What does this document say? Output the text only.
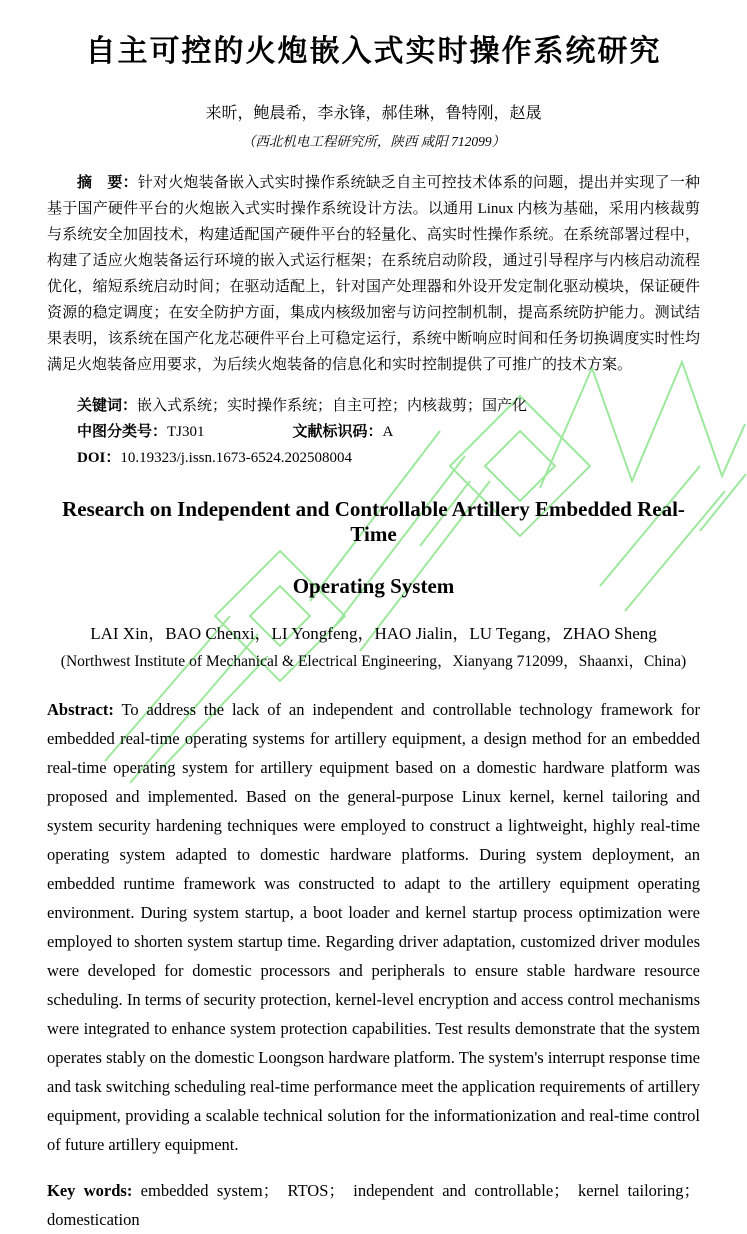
自主可控的火炮嵌入式实时操作系统研究
来昕，鲍晨希，李永锋，郝佳琳，鲁特刚，赵晟
（西北机电工程研究所，陕西 咸阳 712099）

摘　要：针对火炮装备嵌入式实时操作系统缺乏自主可控技术体系的问题，提出并实现了一种基于国产硬件平台的火炮嵌入式实时操作系统设计方法。以通用 Linux 内核为基础，采用内核裁剪与系统安全加固技术，构建适配国产硬件平台的轻量化、高实时性操作系统。在系统部署过程中，构建了适应火炮装备运行环境的嵌入式运行框架；在系统启动阶段，通过引导程序与内核启动流程优化，缩短系统启动时间；在驱动适配上，针对国产处理器和外设开发定制化驱动模块，保证硬件资源的稳定调度；在安全防护方面，集成内核级加密与访问控制机制，提高系统防护能力。测试结果表明，该系统在国产化龙芯硬件平台上可稳定运行，系统中断响应时间和任务切换调度实时性均满足火炮装备应用要求，为后续火炮装备的信息化和实时控制提供了可推广的技术方案。

关键词：嵌入式系统；实时操作系统；自主可控；内核裁剪；国产化
中图分类号：TJ301	文献标识码：A
DOI：10.19323/j.issn.1673-6524.202508004
Research on Independent and Controllable Artillery Embedded Real-Time
Operating System
LAI Xin，BAO Chenxi，LI Yongfeng，HAO Jialin，LU Tegang，ZHAO Sheng
(Northwest Institute of Mechanical & Electrical Engineering，Xianyang 712099，Shaanxi，China)

Abstract: To address the lack of an independent and controllable technology framework for embedded real-time operating systems for artillery equipment, a design method for an embedded real-time operating system for artillery equipment based on a domestic hardware platform was proposed and implemented. Based on the general-purpose Linux kernel, kernel tailoring and system security hardening techniques were employed to construct a lightweight, highly real-time operating system adapted to domestic hardware platforms. During system deployment, an embedded runtime framework was constructed to adapt to the artillery equipment operating environment. During system startup, a boot loader and kernel startup process optimization were employed to shorten system startup time. Regarding driver adaptation, customized driver modules were developed for domestic processors and peripherals to ensure stable hardware resource scheduling. In terms of security protection, kernel-level encryption and access control mechanisms were integrated to enhance system protection capabilities. Test results demonstrate that the system operates stably on the domestic Loongson hardware platform. The system's interrupt response time and task switching scheduling real-time performance meet the application requirements of artillery equipment, providing a scalable technical solution for the informationization and real-time control of future artillery equipment.

Key words: embedded system； RTOS； independent and controllable； kernel tailoring； domestication
